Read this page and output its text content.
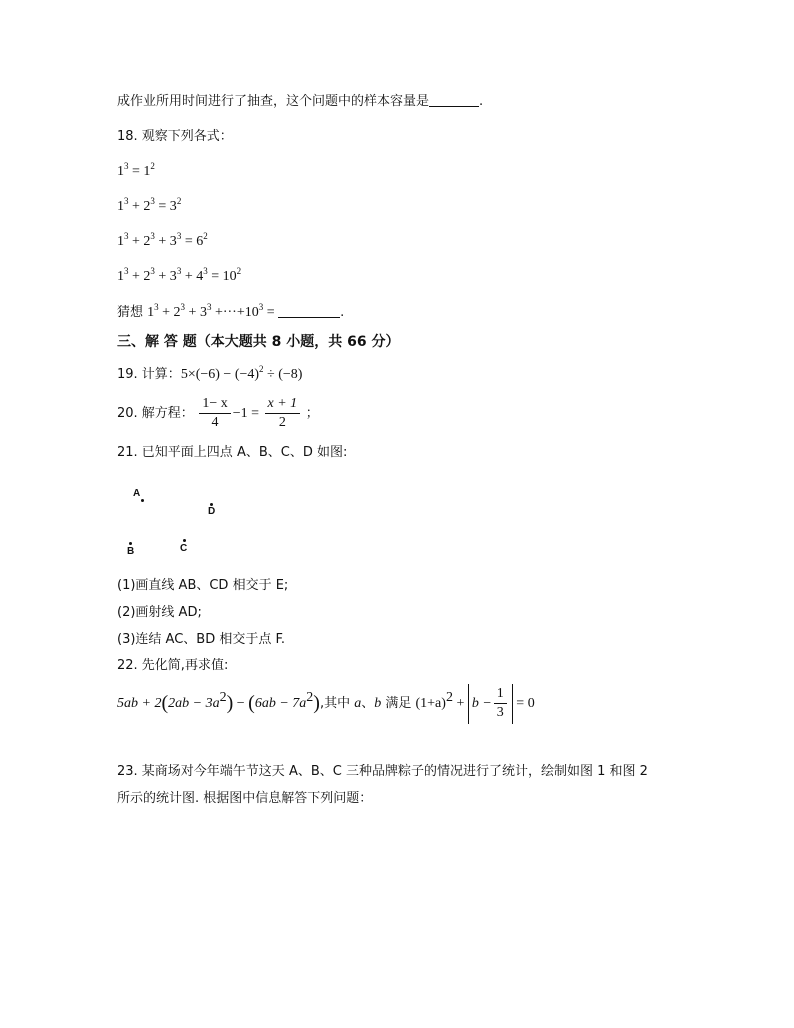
成作业所用时间进行了抽查，这个问题中的样本容量是	.
18. 观察下列各式：
$1^3 = 1^2$
$1^3 + 2^3 = 3^2$
$1^3 + 2^3 + 3^3 = 6^2$
$1^3 + 2^3 + 3^3 + 4^3 = 10^2$
猜想 $1^3 + 2^3 + 3^3 +\cdot\cdot\cdot+10^3$ =	.
三、解 答 题（本大题共 8 小题，共 66 分）
19. 计算：$5\times(-6) - (-4)^2 \div (-8)$
20. 解方程： $\frac{1- x}{4} -1 = \frac{x + 1}{2}$ ；
21. 已知平面上四点 A、B、C、D 如图:
A
D
B	C
(1)画直线 AB、CD 相交于 E;
(2)画射线 AD;
(3)连结 AC、BD 相交于点 F.
22. 先化简,再求值:
$5ab + 2(2ab - 3a^2) - (6ab - 7a^2)$,其中 a、b 满足 $(1+a)^2 + b - \frac{1}{3} = 0$
23. 某商场对今年端午节这天 A、B、C 三种品牌粽子的情况进行了统计，绘制如图 1 和图 2
所示的统计图. 根据图中信息解答下列问题：
